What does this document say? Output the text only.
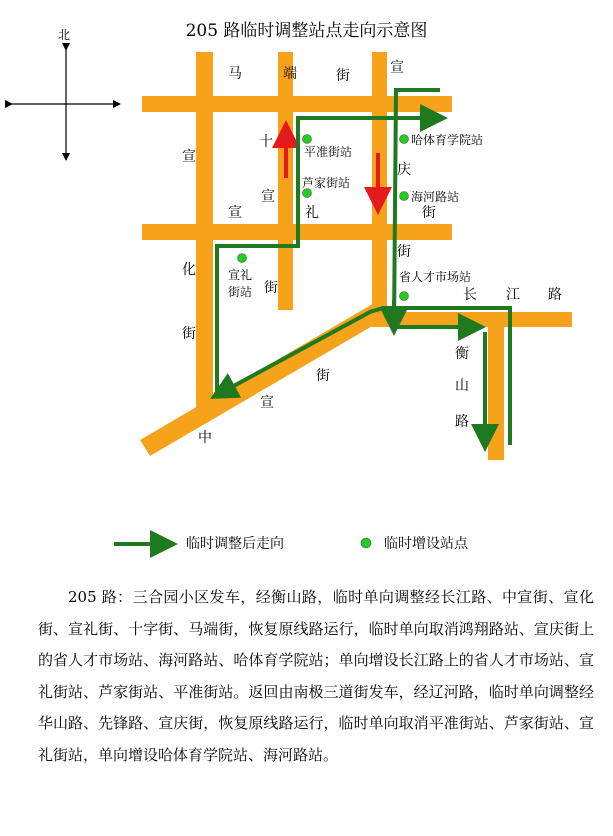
205 路临时调整站点走向示意图
北
马	端	街
十
宣
礼
宣
庆
街
街
宣
宣
化
街
街
街
宣
中
长 江 路
衡
山
路
平准街站
芦家街站
哈体育学院站
海河路站
省人才市场站
宣礼
街站
临时调整后走向	临时增设站点

205 路：三合园小区发车，经衡山路，临时单向调整经长江路、中宣街、宣化街、宣礼街、十字街、马端街，恢复原线路运行，临时单向取消鸿翔路站、宣庆街上的省人才市场站、海河路站、哈体育学院站；单向增设长江路上的省人才市场站、宣礼街站、芦家街站、平准街站。返回由南极三道街发车，经辽河路，临时单向调整经华山路、先锋路、宣庆街，恢复原线路运行，临时单向取消平准街站、芦家街站、宣礼街站，单向增设哈体育学院站、海河路站。
